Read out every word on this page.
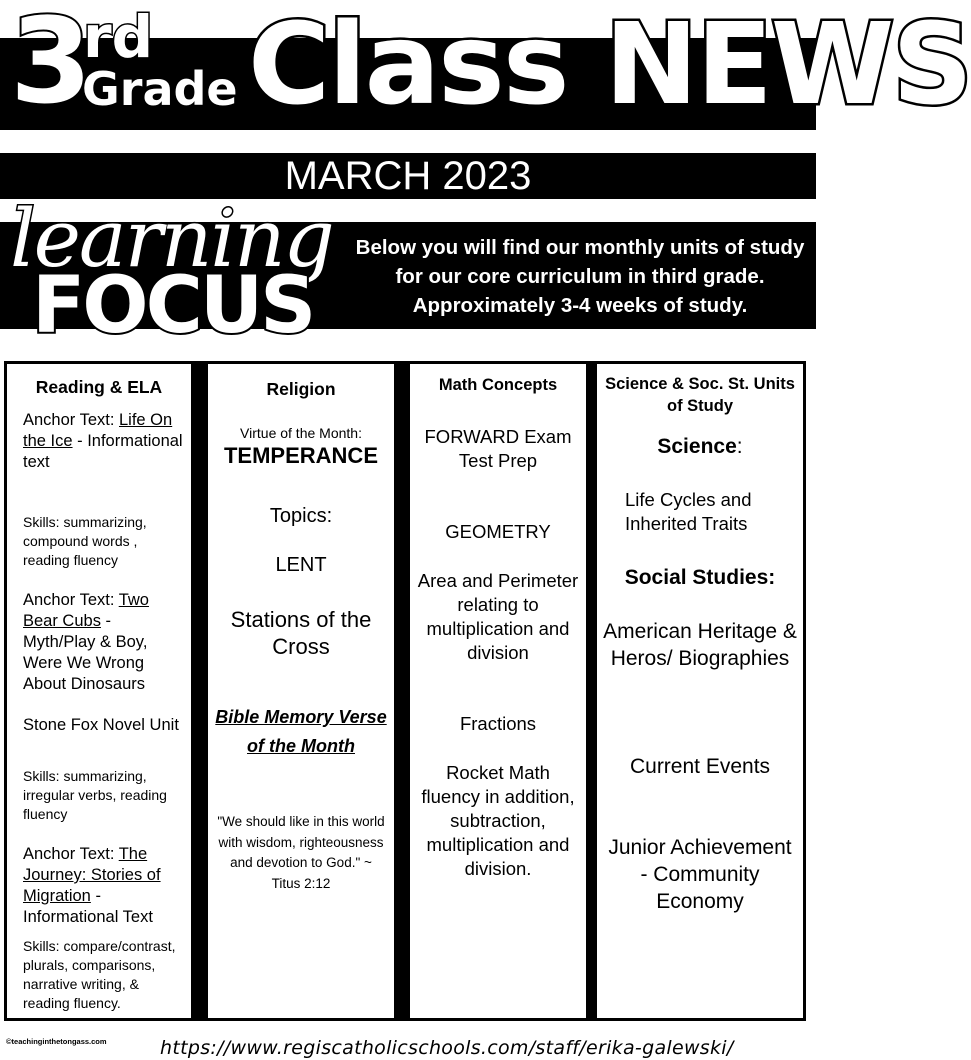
3
rd
Grade Class NEWS
MARCH 2023
learning
FOCUS
Below you will find our monthly units of study for our core curriculum in third grade. Approximately 3-4 weeks of study.
Reading & ELA
Anchor Text: Life On the Ice - Informational text
Skills: summarizing, compound words , reading fluency
Anchor Text: Two Bear Cubs - Myth/Play & Boy, Were We Wrong About Dinosaurs
Stone Fox Novel Unit
Skills: summarizing, irregular verbs, reading fluency
Anchor Text: The Journey: Stories of Migration - Informational Text
Skills: compare/contrast, plurals, comparisons, narrative writing, & reading fluency.
Religion
Virtue of the Month:
TEMPERANCE
Topics:
LENT
Stations of the Cross
Bible Memory Verse of the Month
"We should like in this world with wisdom, righteousness and devotion to God." ~ Titus 2:12
Math Concepts
FORWARD Exam Test Prep
GEOMETRY
Area and Perimeter relating to multiplication and division
Fractions
Rocket Math fluency in addition, subtraction, multiplication and division.
Science & Soc. St. Units of Study
Science:
Life Cycles and Inherited Traits
Social Studies:
American Heritage & Heros/ Biographies
Current Events
Junior Achievement - Community Economy
©teachinginthetongass.com	https://www.regiscatholicschools.com/staff/erika-galewski/
